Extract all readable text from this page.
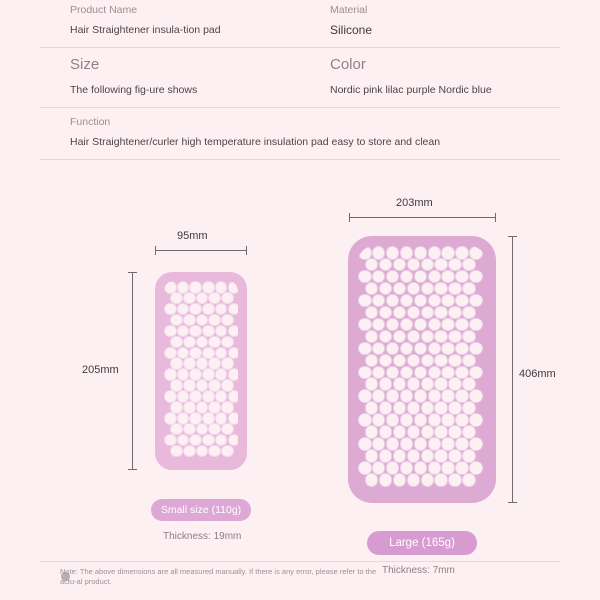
Product Name
Hair Straightener insula-tion pad
Material
Silicone
Size
The following fig-ure shows
Color
Nordic pink lilac purple Nordic blue
Function
Hair Straightener/curler high temperature insulation pad easy to store and clean
95mm
205mm
Small size (110g)
Thickness: 19mm
203mm
406mm
Large (165g)
Thickness: 7mm
Note: The above dimensions are all measured manually. If there is any error, please refer to the actu-al product.
